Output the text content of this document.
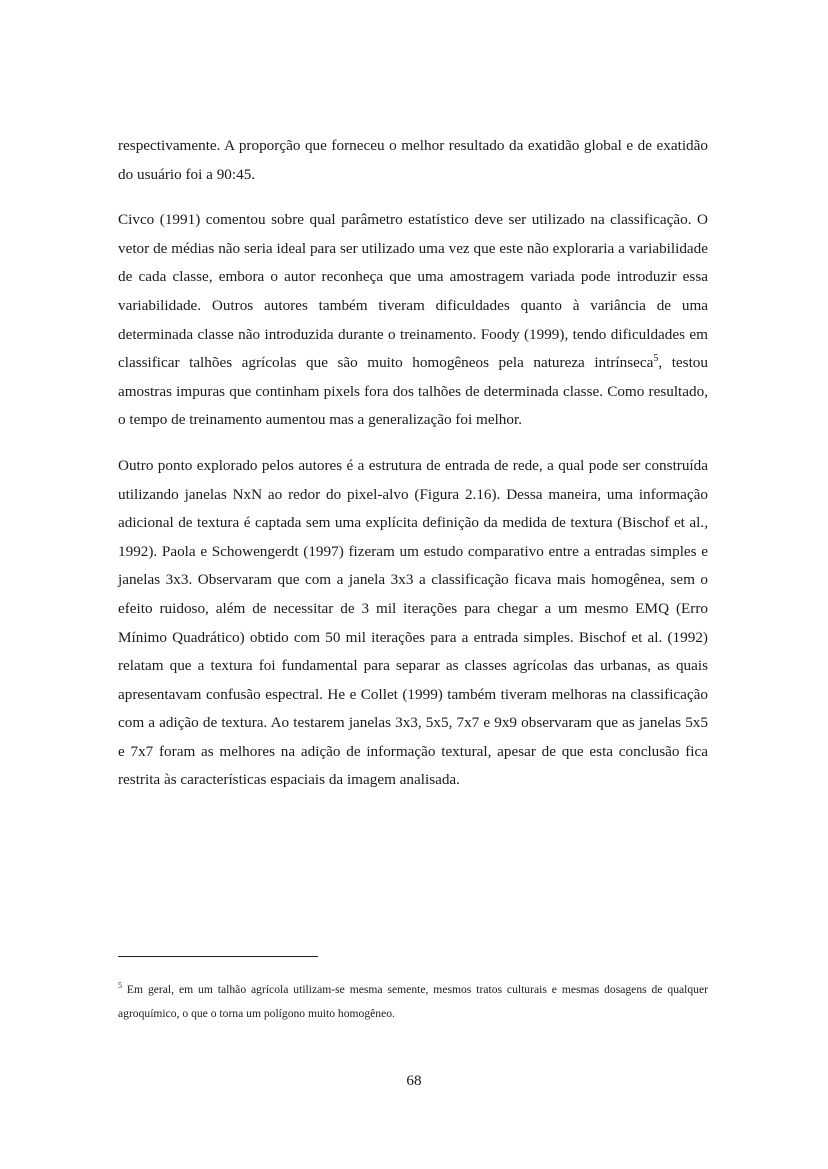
respectivamente. A proporção que forneceu o melhor resultado da exatidão global e de exatidão do usuário foi a 90:45.

Civco (1991) comentou sobre qual parâmetro estatístico deve ser utilizado na classificação. O vetor de médias não seria ideal para ser utilizado uma vez que este não exploraria a variabilidade de cada classe, embora o autor reconheça que uma amostragem variada pode introduzir essa variabilidade. Outros autores também tiveram dificuldades quanto à variância de uma determinada classe não introduzida durante o treinamento. Foody (1999), tendo dificuldades em classificar talhões agrícolas que são muito homogêneos pela natureza intrínseca$^5$, testou amostras impuras que continham pixels fora dos talhões de determinada classe. Como resultado, o tempo de treinamento aumentou mas a generalização foi melhor.

Outro ponto explorado pelos autores é a estrutura de entrada de rede, a qual pode ser construída utilizando janelas NxN ao redor do pixel-alvo (Figura 2.16). Dessa maneira, uma informação adicional de textura é captada sem uma explícita definição da medida de textura (Bischof et al., 1992). Paola e Schowengerdt (1997) fizeram um estudo comparativo entre a entradas simples e janelas 3x3. Observaram que com a janela 3x3 a classificação ficava mais homogênea, sem o efeito ruidoso, além de necessitar de 3 mil iterações para chegar a um mesmo EMQ (Erro Mínimo Quadrático) obtido com 50 mil iterações para a entrada simples. Bischof et al. (1992) relatam que a textura foi fundamental para separar as classes agrícolas das urbanas, as quais apresentavam confusão espectral. He e Collet (1999) também tiveram melhoras na classificação com a adição de textura. Ao testarem janelas 3x3, 5x5, 7x7 e 9x9 observaram que as janelas 5x5 e 7x7 foram as melhores na adição de informação textural, apesar de que esta conclusão fica restrita às características espaciais da imagem analisada.

$^5$ Em geral, em um talhão agrícola utilizam-se mesma semente, mesmos tratos culturais e mesmas dosagens de qualquer agroquímico, o que o torna um polígono muito homogêneo.

68
